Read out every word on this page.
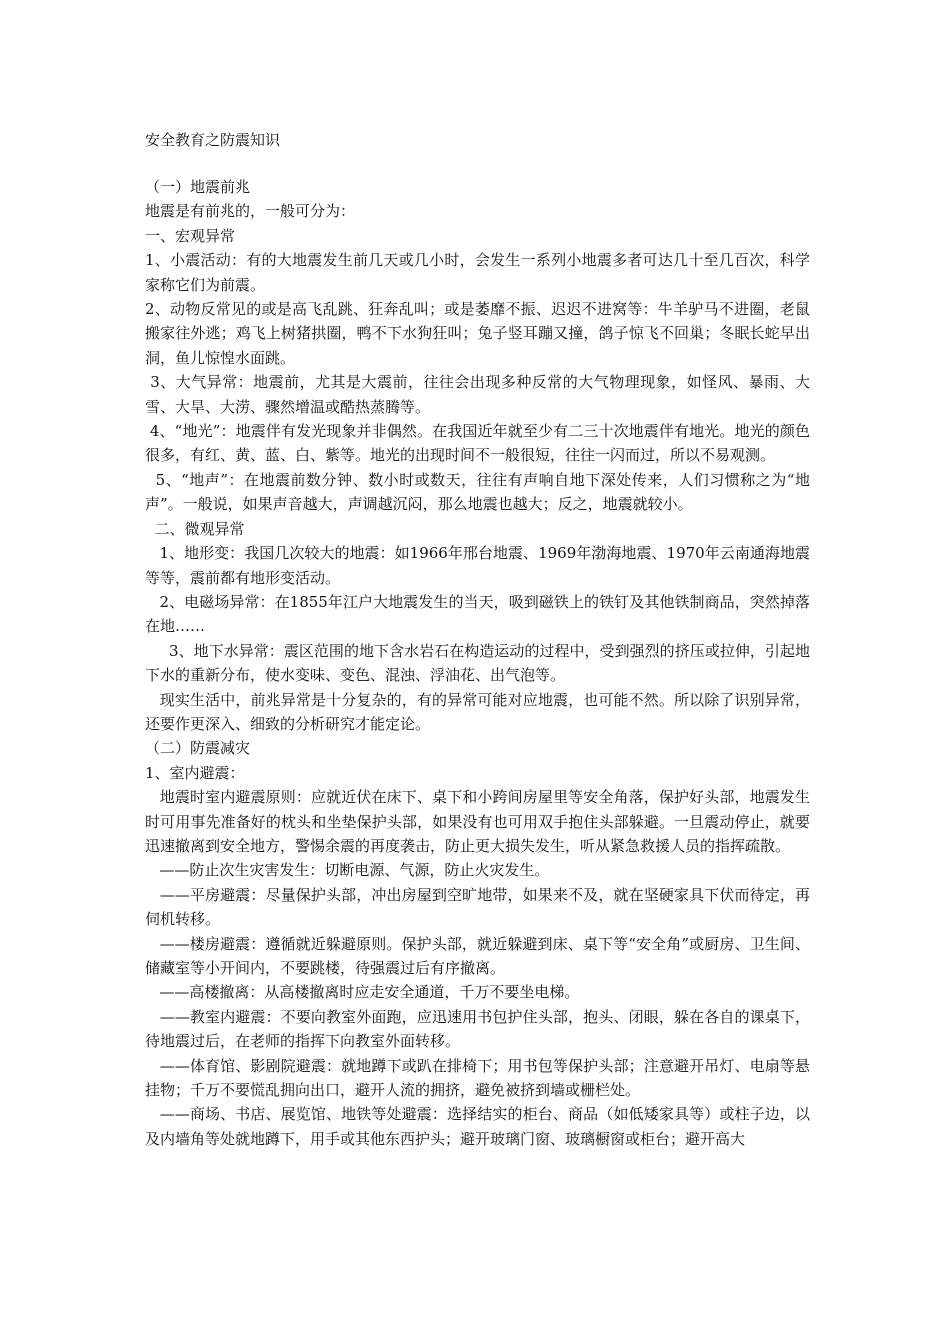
安全教育之防震知识

（一）地震前兆

地震是有前兆的，一般可分为：

一、宏观异常

1、小震活动：有的大地震发生前几天或几小时，会发生一系列小地震多者可达几十至几百次，科学家称它们为前震。

2、动物反常见的或是高飞乱跳、狂奔乱叫；或是萎靡不振、迟迟不进窝等：牛羊驴马不进圈，老鼠搬家往外逃；鸡飞上树猪拱圈，鸭不下水狗狂叫；兔子竖耳蹦又撞，鸽子惊飞不回巢；冬眠长蛇早出洞，鱼儿惊惶水面跳。

3、大气异常：地震前，尤其是大震前，往往会出现多种反常的大气物理现象，如怪风、暴雨、大雪、大旱、大涝、骤然增温或酷热蒸腾等。

4、“地光”：地震伴有发光现象并非偶然。在我国近年就至少有二三十次地震伴有地光。地光的颜色很多，有红、黄、蓝、白、紫等。地光的出现时间不一般很短，往往一闪而过，所以不易观测。

5、“地声”：在地震前数分钟、数小时或数天，往往有声响自地下深处传来，人们习惯称之为“地声”。一般说，如果声音越大，声调越沉闷，那么地震也越大；反之，地震就较小。

二、微观异常

1、地形变：我国几次较大的地震：如1966年邢台地震、1969年渤海地震、1970年云南通海地震等等，震前都有地形变活动。

2、电磁场异常：在1855年江户大地震发生的当天，吸到磁铁上的铁钉及其他铁制商品，突然掉落在地……

3、地下水异常：震区范围的地下含水岩石在构造运动的过程中，受到强烈的挤压或拉伸，引起地下水的重新分布，使水变味、变色、混浊、浮油花、出气泡等。

现实生活中，前兆异常是十分复杂的，有的异常可能对应地震，也可能不然。所以除了识别异常，还要作更深入、细致的分析研究才能定论。

（二）防震减灾

1、室内避震：

地震时室内避震原则：应就近伏在床下、桌下和小跨间房屋里等安全角落，保护好头部，地震发生时可用事先准备好的枕头和坐垫保护头部，如果没有也可用双手抱住头部躲避。一旦震动停止，就要迅速撤离到安全地方，警惕余震的再度袭击，防止更大损失发生，听从紧急救援人员的指挥疏散。

——防止次生灾害发生：切断电源、气源，防止火灾发生。

——平房避震：尽量保护头部，冲出房屋到空旷地带，如果来不及，就在坚硬家具下伏而待定，再伺机转移。

——楼房避震：遵循就近躲避原则。保护头部，就近躲避到床、桌下等“安全角”或厨房、卫生间、储藏室等小开间内，不要跳楼，待强震过后有序撤离。

——高楼撤离：从高楼撤离时应走安全通道，千万不要坐电梯。

——教室内避震：不要向教室外面跑，应迅速用书包护住头部，抱头、闭眼，躲在各自的课桌下，待地震过后，在老师的指挥下向教室外面转移。

——体育馆、影剧院避震：就地蹲下或趴在排椅下；用书包等保护头部；注意避开吊灯、电扇等悬挂物；千万不要慌乱拥向出口，避开人流的拥挤，避免被挤到墙或栅栏处。

——商场、书店、展览馆、地铁等处避震：选择结实的柜台、商品（如低矮家具等）或柱子边，以及内墙角等处就地蹲下，用手或其他东西护头；避开玻璃门窗、玻璃橱窗或柜台；避开高大
